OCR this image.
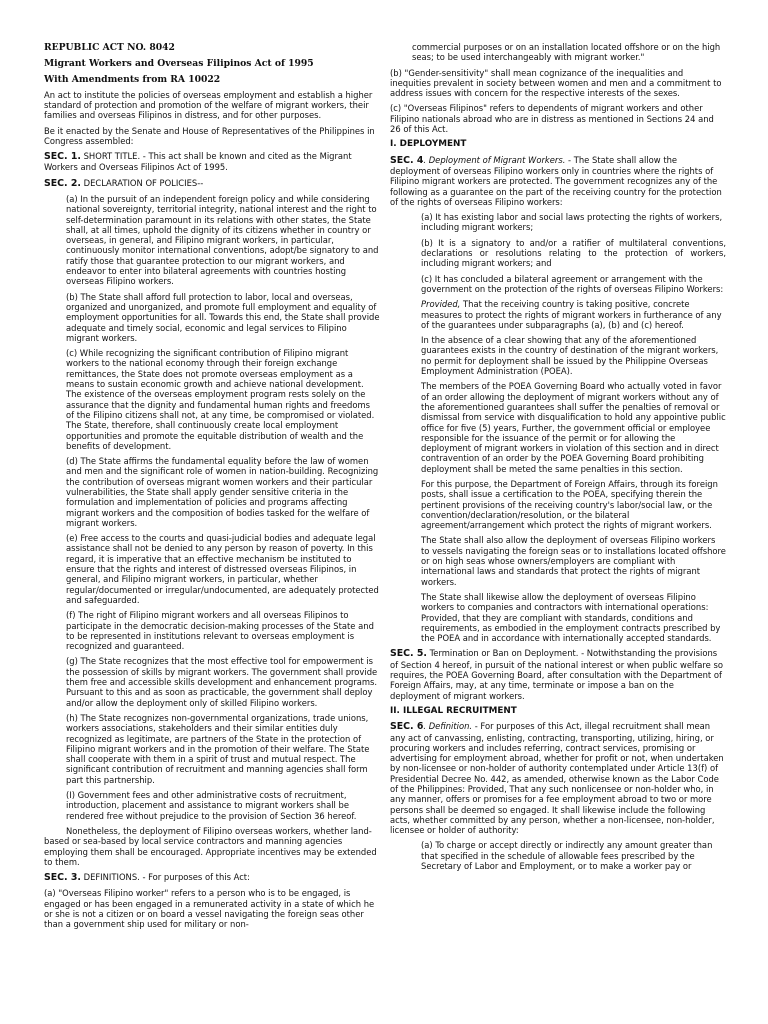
REPUBLIC ACT NO. 8042

Migrant Workers and Overseas Filipinos Act of 1995

With Amendments from RA 10022

An act to institute the policies of overseas employment and establish a higher standard of protection and promotion of the welfare of migrant workers, their families and overseas Filipinos in distress, and for other purposes.

Be it enacted by the Senate and House of Representatives of the Philippines in Congress assembled:

SEC. 1. SHORT TITLE. - This act shall be known and cited as the Migrant Workers and Overseas Filipinos Act of 1995.

SEC. 2. DECLARATION OF POLICIES--

(a) In the pursuit of an independent foreign policy and while considering national sovereignty, territorial integrity, national interest and the right to self-determination paramount in its relations with other states, the State shall, at all times, uphold the dignity of its citizens whether in country or overseas, in general, and Filipino migrant workers, in particular, continuously monitor international conventions, adopt/be signatory to and ratify those that guarantee protection to our migrant workers, and endeavor to enter into bilateral agreements with countries hosting overseas Filipino workers.

(b) The State shall afford full protection to labor, local and overseas, organized and unorganized, and promote full employment and equality of employment opportunities for all. Towards this end, the State shall provide adequate and timely social, economic and legal services to Filipino migrant workers.

(c) While recognizing the significant contribution of Filipino migrant workers to the national economy through their foreign exchange remittances, the State does not promote overseas employment as a means to sustain economic growth and achieve national development. The existence of the overseas employment program rests solely on the assurance that the dignity and fundamental human rights and freedoms of the Filipino citizens shall not, at any time, be compromised or violated. The State, therefore, shall continuously create local employment opportunities and promote the equitable distribution of wealth and the benefits of development.

(d) The State affirms the fundamental equality before the law of women and men and the significant role of women in nation-building. Recognizing the contribution of overseas migrant women workers and their particular vulnerabilities, the State shall apply gender sensitive criteria in the formulation and implementation of policies and programs affecting migrant workers and the composition of bodies tasked for the welfare of migrant workers.

(e) Free access to the courts and quasi-judicial bodies and adequate legal assistance shall not be denied to any person by reason of poverty. In this regard, it is imperative that an effective mechanism be instituted to ensure that the rights and interest of distressed overseas Filipinos, in general, and Filipino migrant workers, in particular, whether regular/documented or irregular/undocumented, are adequately protected and safeguarded.

(f) The right of Filipino migrant workers and all overseas Filipinos to participate in the democratic decision-making processes of the State and to be represented in institutions relevant to overseas employment is recognized and guaranteed.

(g) The State recognizes that the most effective tool for empowerment is the possession of skills by migrant workers. The government shall provide them free and accessible skills development and enhancement programs. Pursuant to this and as soon as practicable, the government shall deploy and/or allow the deployment only of skilled Filipino workers.

(h) The State recognizes non-governmental organizations, trade unions, workers associations, stakeholders and their similar entities duly recognized as legitimate, are partners of the State in the protection of Filipino migrant workers and in the promotion of their welfare. The State shall cooperate with them in a spirit of trust and mutual respect. The significant contribution of recruitment and manning agencies shall form part this partnership.

(I) Government fees and other administrative costs of recruitment, introduction, placement and assistance to migrant workers shall be rendered free without prejudice to the provision of Section 36 hereof.

Nonetheless, the deployment of Filipino overseas workers, whether land-based or sea-based by local service contractors and manning agencies employing them shall be encouraged. Appropriate incentives may be extended to them.

SEC. 3. DEFINITIONS. - For purposes of this Act:

(a) "Overseas Filipino worker" refers to a person who is to be engaged, is engaged or has been engaged in a remunerated activity in a state of which he or she is not a citizen or on board a vessel navigating the foreign seas other than a government ship used for military or non-

commercial purposes or on an installation located offshore or on the high seas; to be used interchangeably with migrant worker."

(b) "Gender-sensitivity" shall mean cognizance of the inequalities and inequities prevalent in society between women and men and a commitment to address issues with concern for the respective interests of the sexes.

(c) "Overseas Filipinos" refers to dependents of migrant workers and other Filipino nationals abroad who are in distress as mentioned in Sections 24 and 26 of this Act.

I. DEPLOYMENT

SEC. 4. Deployment of Migrant Workers. - The State shall allow the deployment of overseas Filipino workers only in countries where the rights of Filipino migrant workers are protected. The government recognizes any of the following as a guarantee on the part of the receiving country for the protection of the rights of overseas Filipino workers:

(a) It has existing labor and social laws protecting the rights of workers, including migrant workers;

(b) It is a signatory to and/or a ratifier of multilateral conventions, declarations or resolutions relating to the protection of workers, including migrant workers; and

(c) It has concluded a bilateral agreement or arrangement with the government on the protection of the rights of overseas Filipino Workers:

Provided, That the receiving country is taking positive, concrete measures to protect the rights of migrant workers in furtherance of any of the guarantees under subparagraphs (a), (b) and (c) hereof.

In the absence of a clear showing that any of the aforementioned guarantees exists in the country of destination of the migrant workers, no permit for deployment shall be issued by the Philippine Overseas Employment Administration (POEA).

The members of the POEA Governing Board who actually voted in favor of an order allowing the deployment of migrant workers without any of the aforementioned guarantees shall suffer the penalties of removal or dismissal from service with disqualification to hold any appointive public office for five (5) years, Further, the government official or employee responsible for the issuance of the permit or for allowing the deployment of migrant workers in violation of this section and in direct contravention of an order by the POEA Governing Board prohibiting deployment shall be meted the same penalties in this section.

For this purpose, the Department of Foreign Affairs, through its foreign posts, shall issue a certification to the POEA, specifying therein the pertinent provisions of the receiving country's labor/social law, or the convention/declaration/resolution, or the bilateral agreement/arrangement which protect the rights of migrant workers.

The State shall also allow the deployment of overseas Filipino workers to vessels navigating the foreign seas or to installations located offshore or on high seas whose owners/employers are compliant with international laws and standards that protect the rights of migrant workers.

The State shall likewise allow the deployment of overseas Filipino workers to companies and contractors with international operations: Provided, that they are compliant with standards, conditions and requirements, as embodied in the employment contracts prescribed by the POEA and in accordance with internationally accepted standards.

SEC. 5. Termination or Ban on Deployment. - Notwithstanding the provisions of Section 4 hereof, in pursuit of the national interest or when public welfare so requires, the POEA Governing Board, after consultation with the Department of Foreign Affairs, may, at any time, terminate or impose a ban on the deployment of migrant workers.

II. ILLEGAL RECRUITMENT

SEC. 6. Definition. - For purposes of this Act, illegal recruitment shall mean any act of canvassing, enlisting, contracting, transporting, utilizing, hiring, or procuring workers and includes referring, contract services, promising or advertising for employment abroad, whether for profit or not, when undertaken by non-licensee or non-holder of authority contemplated under Article 13(f) of Presidential Decree No. 442, as amended, otherwise known as the Labor Code of the Philippines: Provided, That any such nonlicensee or non-holder who, in any manner, offers or promises for a fee employment abroad to two or more persons shall be deemed so engaged. It shall likewise include the following acts, whether committed by any person, whether a non-licensee, non-holder, licensee or holder of authority:

(a) To charge or accept directly or indirectly any amount greater than that specified in the schedule of allowable fees prescribed by the Secretary of Labor and Employment, or to make a worker pay or
